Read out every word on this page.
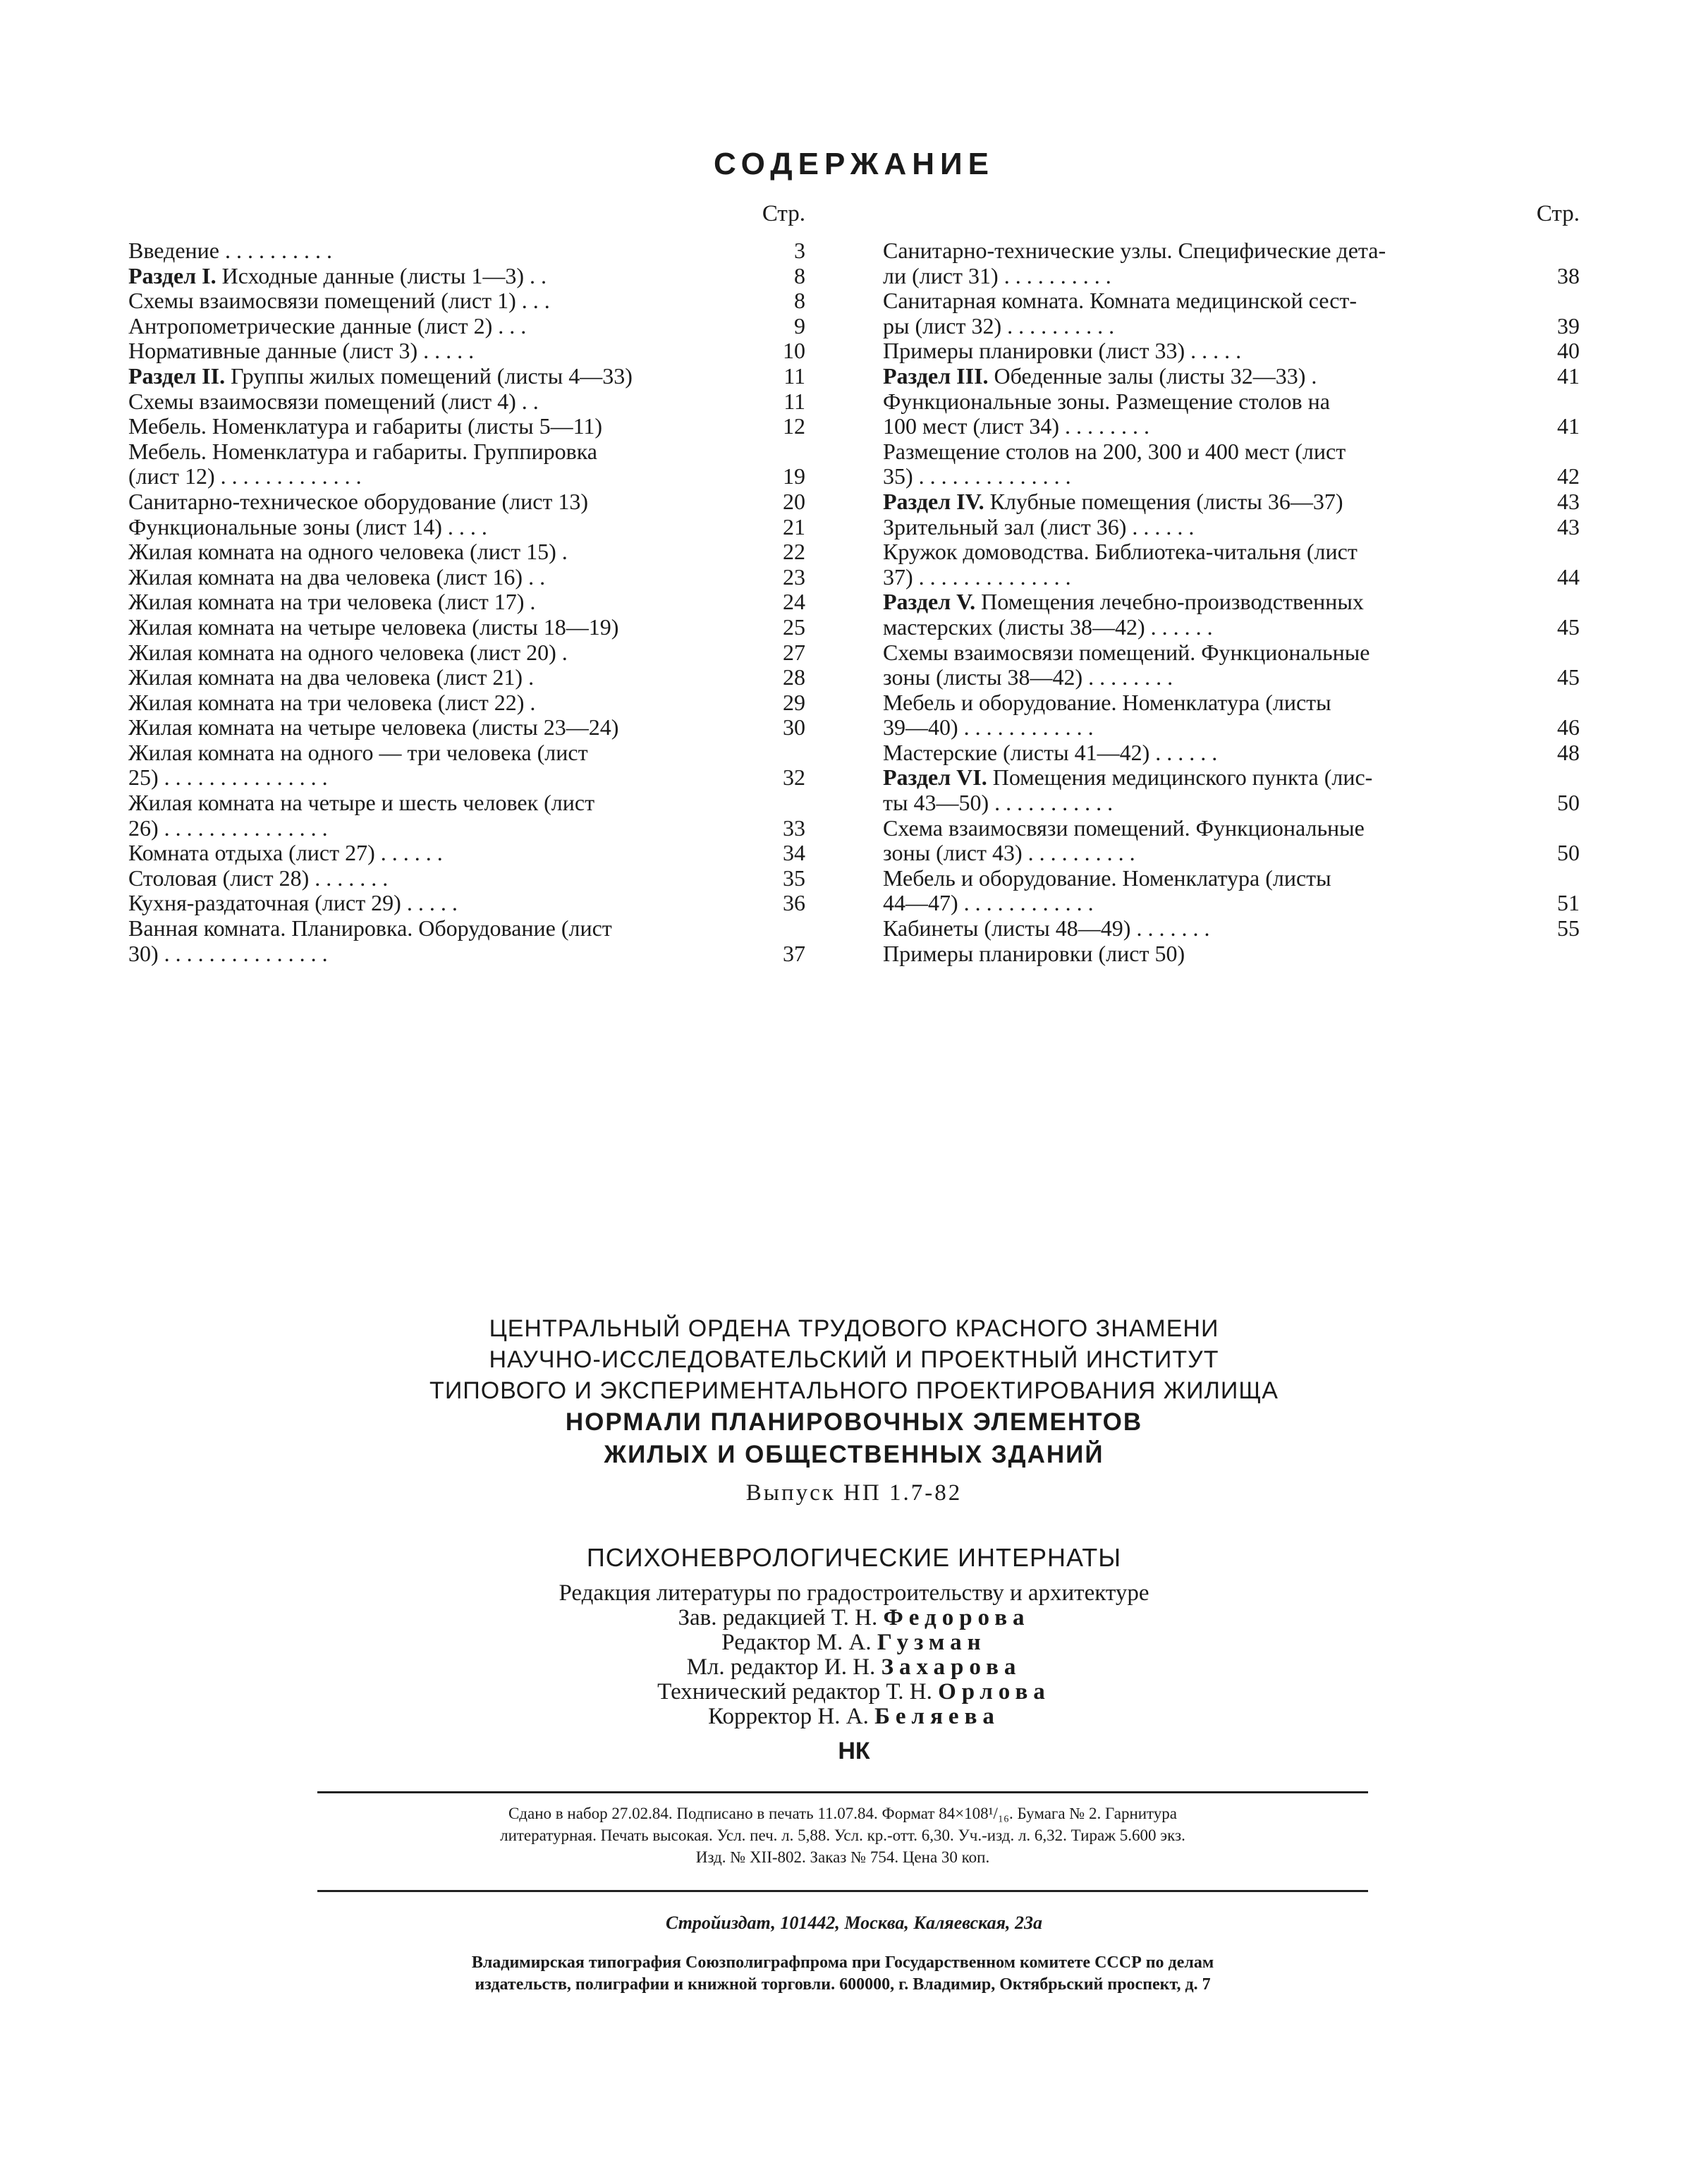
СОДЕРЖАНИЕ
Стр.
Введение . . . . . . . . . .	3
Раздел I. Исходные данные (листы 1—3) . .	8
Схемы взаимосвязи помещений (лист 1) . . .	8
Антропометрические данные (лист 2) . . .	9
Нормативные данные (лист 3) . . . . .	10
Раздел II. Группы жилых помещений (листы 4—33)	11
Схемы взаимосвязи помещений (лист 4) . .	11
Мебель. Номенклатура и габариты (листы 5—11)	12
Мебель. Номенклатура и габариты. Группировка
(лист 12) . . . . . . . . . . . . .	19
Санитарно-техническое оборудование (лист 13)	20
Функциональные зоны (лист 14) . . . .	21
Жилая комната на одного человека (лист 15) .	22
Жилая комната на два человека (лист 16) . .	23
Жилая комната на три человека (лист 17) .	24
Жилая комната на четыре человека (листы 18—19)	25
Жилая комната на одного человека (лист 20) .	27
Жилая комната на два человека (лист 21) .	28
Жилая комната на три человека (лист 22) .	29
Жилая комната на четыре человека (листы 23—24)	30
Жилая комната на одного — три человека (лист
25) . . . . . . . . . . . . . . .	32
Жилая комната на четыре и шесть человек (лист
26) . . . . . . . . . . . . . . .	33
Комната отдыха (лист 27) . . . . . .	34
Столовая (лист 28) . . . . . . .	35
Кухня-раздаточная (лист 29) . . . . .	36
Ванная комната. Планировка. Оборудование (лист
30) . . . . . . . . . . . . . . .	37
Стр.
Санитарно-технические узлы. Специфические дета-
ли (лист 31) . . . . . . . . . .	38
Санитарная комната. Комната медицинской сест-
ры (лист 32) . . . . . . . . . .	39
Примеры планировки (лист 33) . . . . .	40
Раздел III. Обеденные залы (листы 32—33) .	41
Функциональные зоны. Размещение столов на
100 мест (лист 34) . . . . . . . .	41
Размещение столов на 200, 300 и 400 мест (лист
35) . . . . . . . . . . . . . .	42
Раздел IV. Клубные помещения (листы 36—37)	43
Зрительный зал (лист 36) . . . . . .	43
Кружок домоводства. Библиотека-читальня (лист
37) . . . . . . . . . . . . . .	44
Раздел V. Помещения лечебно-производственных
мастерских (листы 38—42) . . . . . .	45
Схемы взаимосвязи помещений. Функциональные
зоны (листы 38—42) . . . . . . . .	45
Мебель и оборудование. Номенклатура (листы
39—40) . . . . . . . . . . . .	46
Мастерские (листы 41—42) . . . . . .	48
Раздел VI. Помещения медицинского пункта (лис-
ты 43—50) . . . . . . . . . . .	50
Схема взаимосвязи помещений. Функциональные
зоны (лист 43) . . . . . . . . . .	50
Мебель и оборудование. Номенклатура (листы
44—47) . . . . . . . . . . . .	51
Кабинеты (листы 48—49) . . . . . . .	55
Примеры планировки (лист 50)
ЦЕНТРАЛЬНЫЙ ОРДЕНА ТРУДОВОГО КРАСНОГО ЗНАМЕНИ
НАУЧНО-ИССЛЕДОВАТЕЛЬСКИЙ И ПРОЕКТНЫЙ ИНСТИТУТ
ТИПОВОГО И ЭКСПЕРИМЕНТАЛЬНОГО ПРОЕКТИРОВАНИЯ ЖИЛИЩА
НОРМАЛИ ПЛАНИРОВОЧНЫХ ЭЛЕМЕНТОВ
ЖИЛЫХ И ОБЩЕСТВЕННЫХ ЗДАНИЙ
Выпуск НП 1.7-82
ПСИХОНЕВРОЛОГИЧЕСКИЕ ИНТЕРНАТЫ
Редакция литературы по градостроительству и архитектуре
Зав. редакцией Т. Н. Федорова
Редактор М. А. Гузман
Мл. редактор И. Н. Захарова
Технический редактор Т. Н. Орлова
Корректор Н. А. Беляева
НК
Сдано в набор 27.02.84. Подписано в печать 11.07.84. Формат 84×108¹/₁₆. Бумага № 2. Гарнитура
литературная. Печать высокая. Усл. печ. л. 5,88. Усл. кр.-отт. 6,30. Уч.-изд. л. 6,32. Тираж 5.600 экз.
Изд. № XII-802. Заказ № 754. Цена 30 коп.
Стройиздат, 101442, Москва, Каляевская, 23а
Владимирская типография Союзполиграфпрома при Государственном комитете СССР по делам
издательств, полиграфии и книжной торговли. 600000, г. Владимир, Октябрьский проспект, д. 7
